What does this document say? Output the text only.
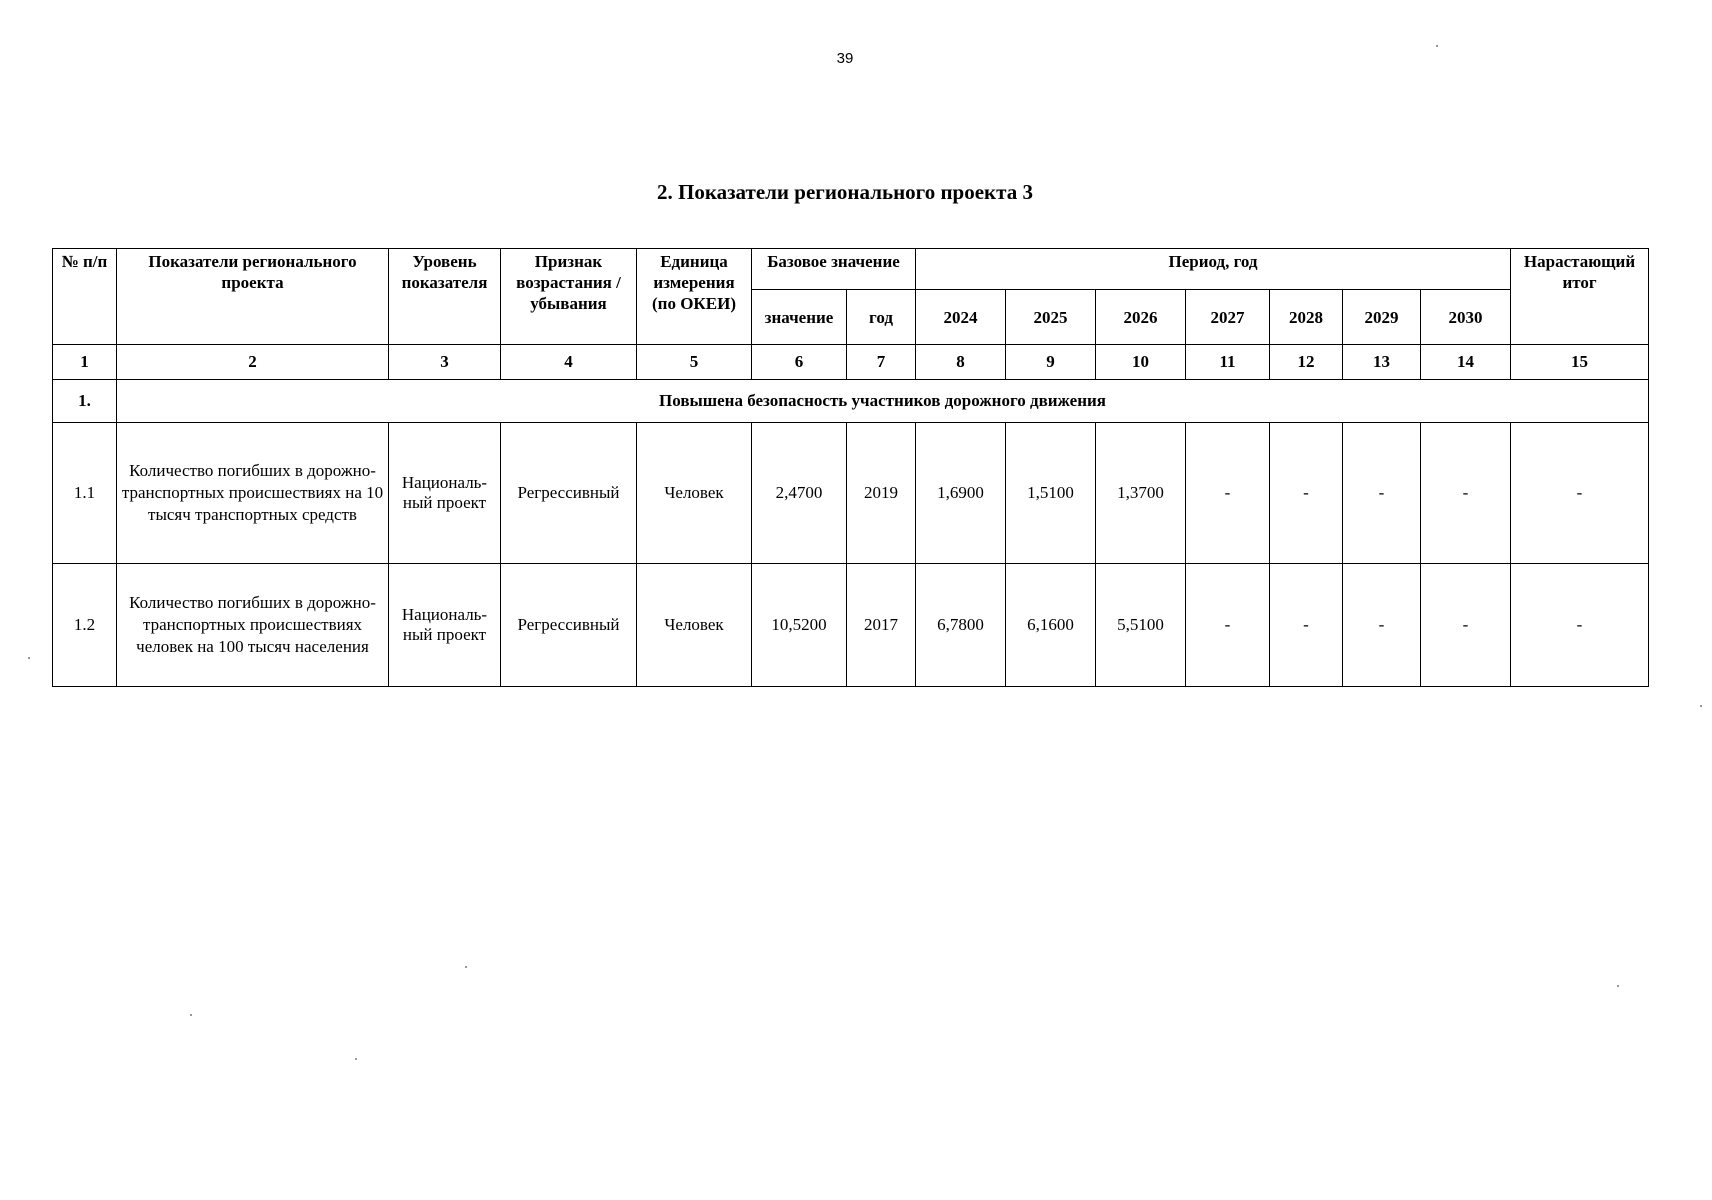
39
2. Показатели регионального проекта 3
№ п/п	Показатели регионального проекта	Уровень показателя	Признак возрастания / убывания	Единица измерения (по ОКЕИ)	Базовое значение		Период, год							Нарастающий итог
					значение	год	2024	2025	2026	2027	2028	2029	2030	
1	2	3	4	5	6	7	8	9	10	11	12	13	14	15
1.	Повышена безопасность участников дорожного движения													
1.1	Количество погибших в дорожно-транспортных происшествиях на 10 тысяч транспортных средств	Националь-ный проект	Регрессивный	Человек	2,4700	2019	1,6900	1,5100	1,3700	-	-	-	-	-
1.2	Количество погибших в дорожно-транспортных происшествиях человек на 100 тысяч населения	Националь-ный проект	Регрессивный	Человек	10,5200	2017	6,7800	6,1600	5,5100	-	-	-	-	-
